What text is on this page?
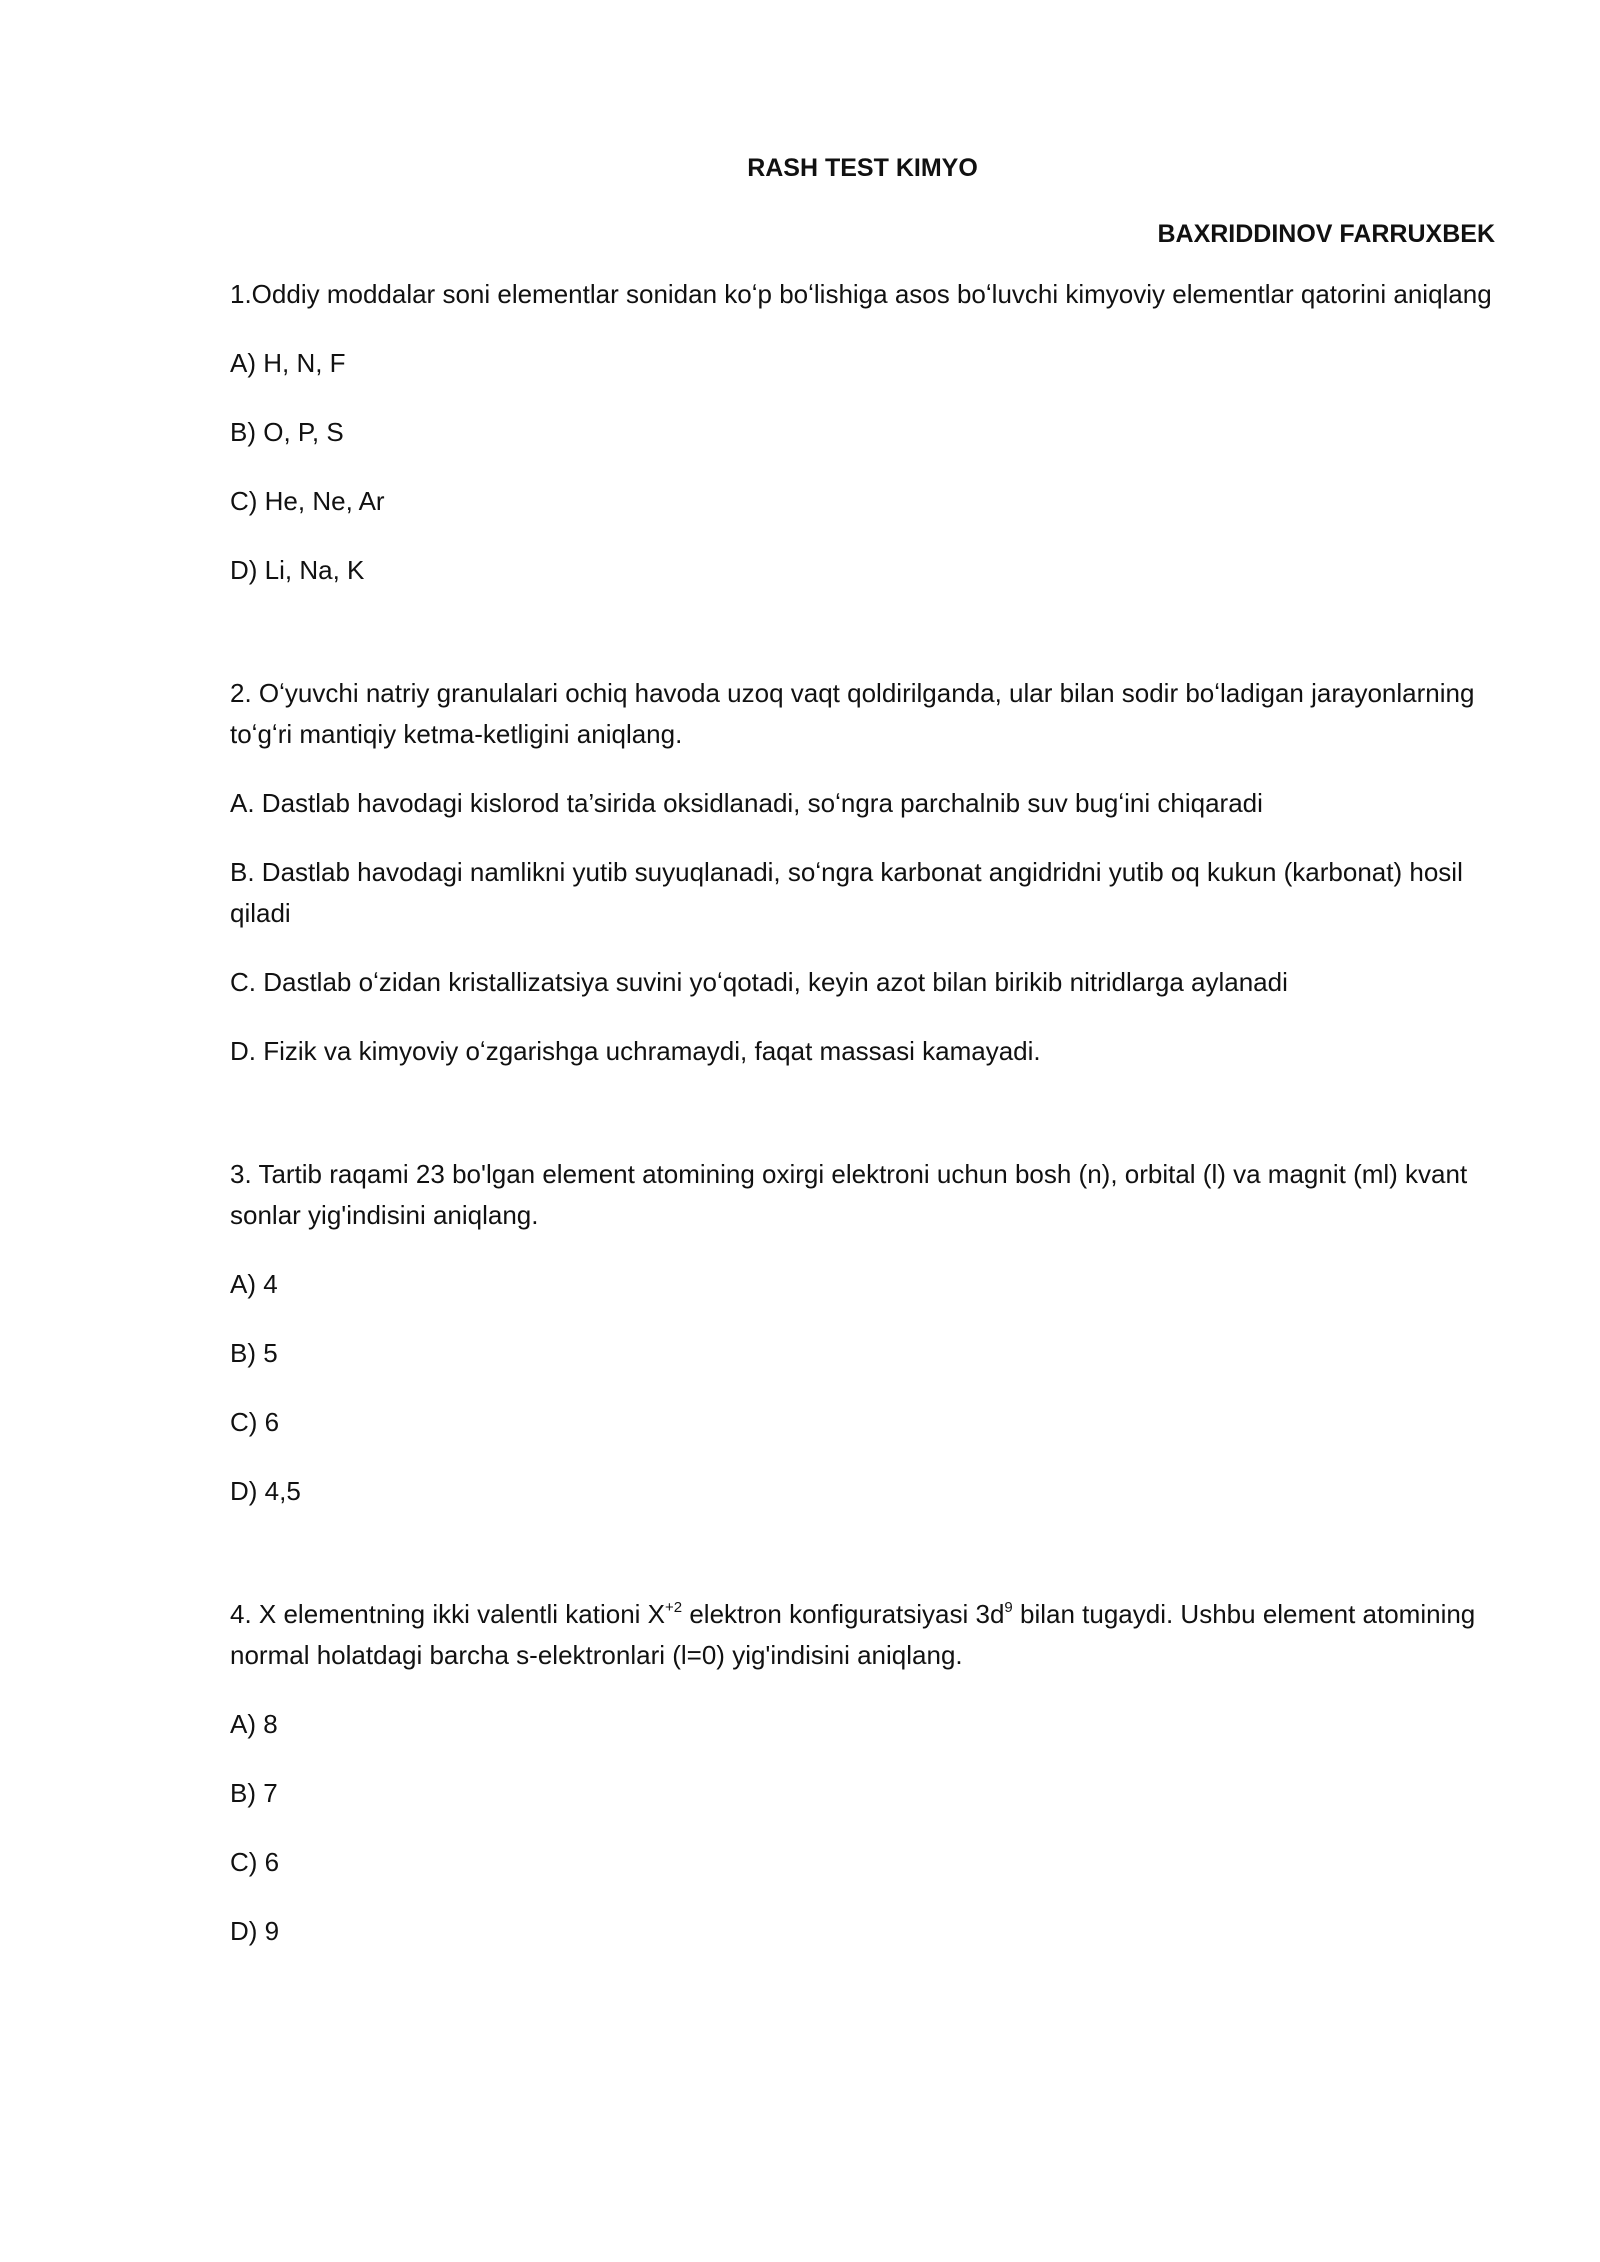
RASH TEST KIMYO

BAXRIDDINOV FARRUXBEK

1.Oddiy moddalar soni elementlar sonidan koʻp boʻlishiga asos boʻluvchi kimyoviy elementlar qatorini aniqlang

A) H, N, F

B) O, P, S

C) He, Ne, Ar

D) Li, Na, K

2. Oʻyuvchi natriy granulalari ochiq havoda uzoq vaqt qoldirilganda, ular bilan sodir boʻladigan jarayonlarning toʻgʻri mantiqiy ketma-ketligini aniqlang.

A. Dastlab havodagi kislorod ta’sirida oksidlanadi, soʻngra parchalnib suv bugʻini chiqaradi

B. Dastlab havodagi namlikni yutib suyuqlanadi, soʻngra karbonat angidridni yutib oq kukun (karbonat) hosil qiladi

C. Dastlab oʻzidan kristallizatsiya suvini yoʻqotadi, keyin azot bilan birikib nitridlarga aylanadi

D. Fizik va kimyoviy oʻzgarishga uchramaydi, faqat massasi kamayadi.

3. Tartib raqami 23 bo'lgan element atomining oxirgi elektroni uchun bosh (n), orbital (l) va magnit (ml) kvant sonlar yig'indisini aniqlang.

A) 4

B) 5

C) 6

D) 4,5

4. X elementning ikki valentli kationi $X^{+2}$ elektron konfiguratsiyasi $3d^9$ bilan tugaydi. Ushbu element atomining normal holatdagi barcha s-elektronlari (l=0) yig'indisini aniqlang.

A) 8

B) 7

C) 6

D) 9
